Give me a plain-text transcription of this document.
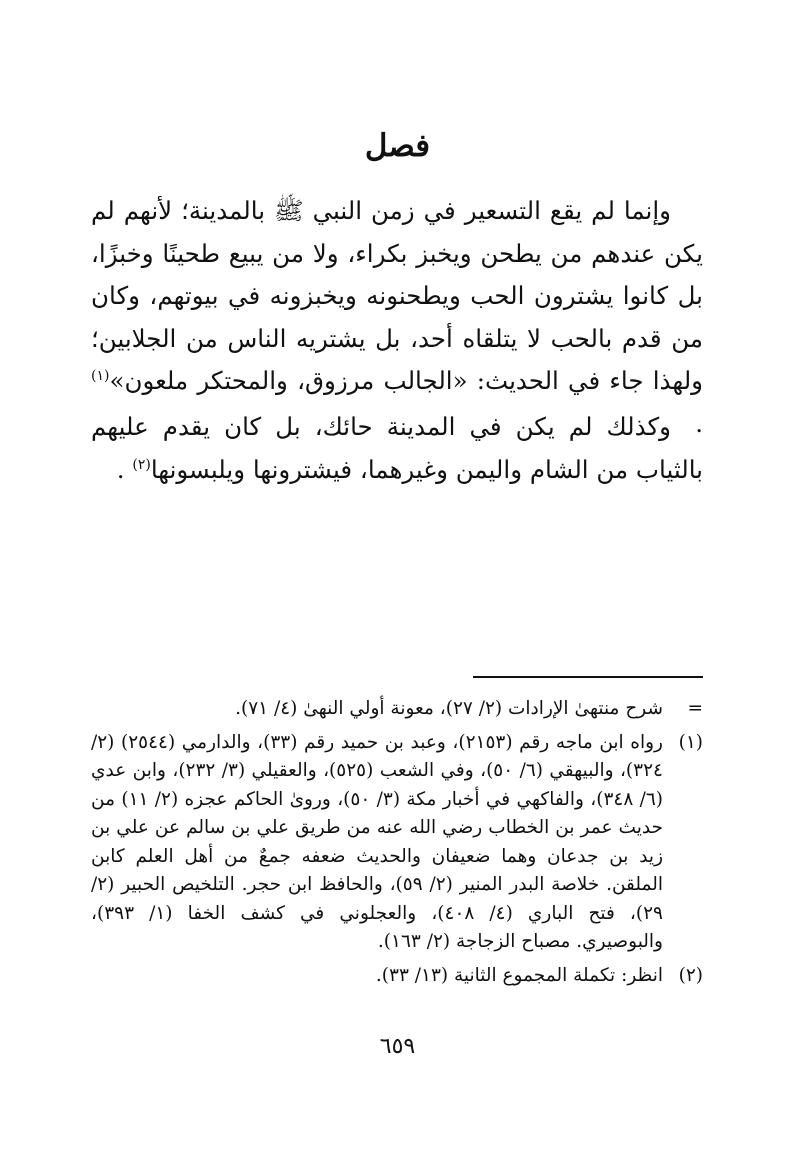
فصل

وإنما لم يقع التسعير في زمن النبي ﷺ بالمدينة؛ لأنهم لم يكن عندهم من يطحن ويخبز بكراء، ولا من يبيع طحينًا وخبزًا، بل كانوا يشترون الحب ويطحنونه ويخبزونه في بيوتهم، وكان من قدم بالحب لا يتلقاه أحد، بل يشتريه الناس من الجلابين؛ ولهذا جاء في الحديث: «الجالب مرزوق، والمحتكر ملعون»$^{(١)}$ .

وكذلك لم يكن في المدينة حائك، بل كان يقدم عليهم بالثياب من الشام واليمن وغيرهما، فيشترونها ويلبسونها$^{(٢)}$ .

=
شرح منتهىٰ الإرادات (٢/ ٢٧)، معونة أولي النهىٰ (٤/ ٧١).
(١)
رواه ابن ماجه رقم (٢١٥٣)، وعبد بن حميد رقم (٣٣)، والدارمي (٢٥٤٤) (٢/ ٣٢٤)، والبيهقي (٦/ ٥٠)، وفي الشعب (٥٢٥)، والعقيلي (٣/ ٢٣٢)، وابن عدي (٦/ ٣٤٨)، والفاكهي في أخبار مكة (٣/ ٥٠)، وروىٰ الحاكم عجزه (٢/ ١١) من حديث عمر بن الخطاب رضي الله عنه من طريق علي بن سالم عن علي بن زيد بن جدعان وهما ضعيفان والحديث ضعفه جمعٌ من أهل العلم كابن الملقن. خلاصة البدر المنير (٢/ ٥٩)، والحافظ ابن حجر. التلخيص الحبير (٢/ ٢٩)، فتح الباري (٤/ ٤٠٨)، والعجلوني في كشف الخفا (١/ ٣٩٣)، والبوصيري. مصباح الزجاجة (٢/ ١٦٣).
(٢)
انظر: تكملة المجموع الثانية (١٣/ ٣٣).
٦٥٩
